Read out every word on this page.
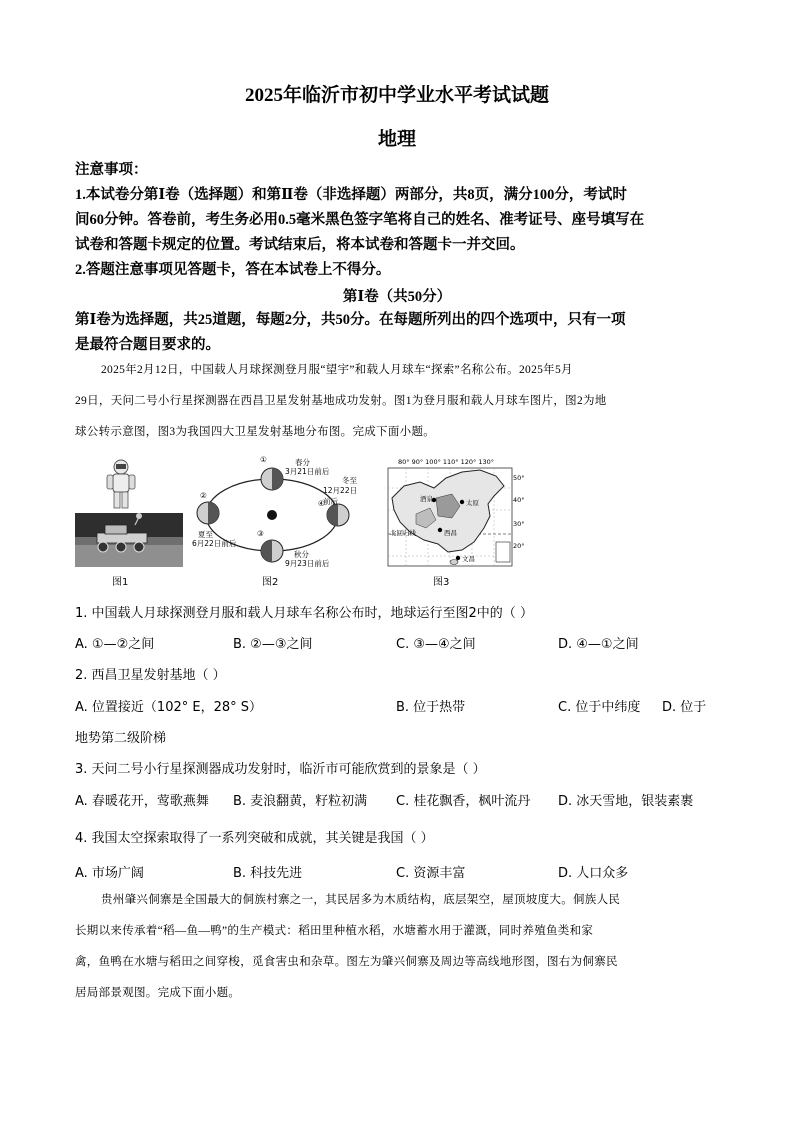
2025年临沂市初中学业水平考试试题
地理
注意事项：
1.本试卷分第Ⅰ卷（选择题）和第Ⅱ卷（非选择题）两部分，共8页，满分100分，考试时
间60分钟。答卷前，考生务必用0.5毫米黑色签字笔将自己的姓名、准考证号、座号填写在
试卷和答题卡规定的位置。考试结束后，将本试卷和答题卡一并交回。
2.答题注意事项见答题卡，答在本试卷上不得分。
第Ⅰ卷（共50分）
第Ⅰ卷为选择题，共25道题，每题2分，共50分。在每题所列出的四个选项中，只有一项
是最符合题目要求的。
2025年2月12日，中国载人月球探测登月服“望宇”和载人月球车“探索”名称公布。2025年5月
29日，天问二号小行星探测器在西昌卫星发射基地成功发射。图1为登月服和载人月球车图片，图2为地
球公转示意图，图3为我国四大卫星发射基地分布图。完成下面小题。
图1
①
②
③
④
春分
3月21日前后
冬至
12月22日前后
夏至
6月22日前后
秋分
9月23日前后
图2
80° 90° 100° 110° 120° 130°
50°
40°
30°
20°
北回归线
酒泉	太原
西昌
文昌
图3
1. 中国载人月球探测登月服和载人月球车名称公布时，地球运行至图2中的（ ）
A. ①—②之间	B. ②—③之间	C. ③—④之间	D. ④—①之间
2. 西昌卫星发射基地（ ）
A. 位置接近（102° E，28° S）	B. 位于热带	C. 位于中纬度 D. 位于
地势第二级阶梯
3. 天问二号小行星探测器成功发射时，临沂市可能欣赏到的景象是（ ）
A. 春暖花开，莺歌燕舞 B. 麦浪翻黄，籽粒初满 C. 桂花飘香，枫叶流丹 D. 冰天雪地，银装素裹
4. 我国太空探索取得了一系列突破和成就，其关键是我国（ ）
A. 市场广阔	B. 科技先进	C. 资源丰富	D. 人口众多
贵州肇兴侗寨是全国最大的侗族村寨之一，其民居多为木质结构，底层架空，屋顶坡度大。侗族人民
长期以来传承着“稻—鱼—鸭”的生产模式：稻田里种植水稻，水塘蓄水用于灌溉，同时养殖鱼类和家
禽，鱼鸭在水塘与稻田之间穿梭，觅食害虫和杂草。图左为肇兴侗寨及周边等高线地形图，图右为侗寨民
居局部景观图。完成下面小题。
